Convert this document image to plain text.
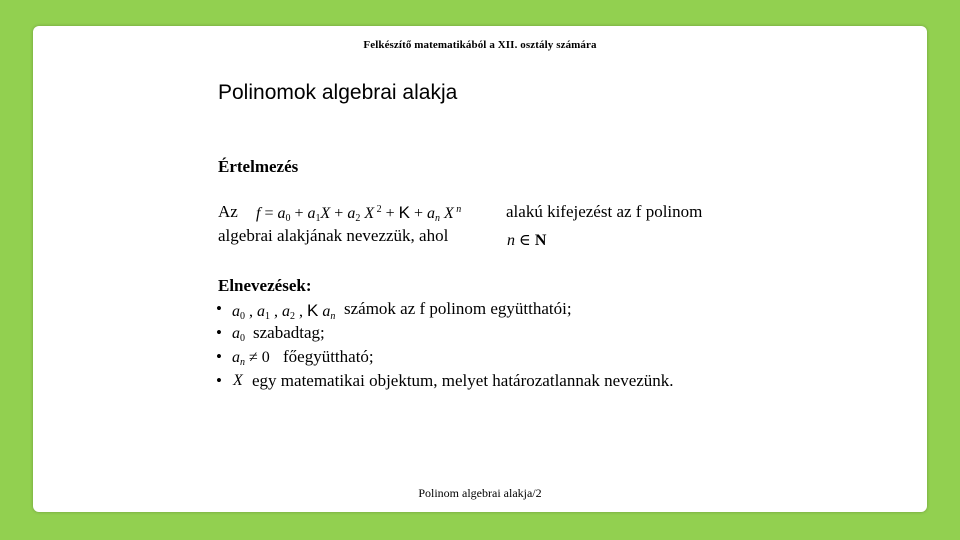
Felkészítő matematikából a XII. osztály számára
Polinomok algebrai alakja
Értelmezés
Az $f = a_0 + a_1X + a_2$ X $^2 + K + a_n$ X $^n$	alakú kifejezést az f polinom
algebrai alakjának nevezzük, ahol	n ∈ N
Elnevezések:
• $a_0$ , $a_1$ , $a_2$ , K $a_n$ számok az f polinom együtthatói;
• $a_0$ szabadtag;
• $a_n \ne 0$ főegyüttható;
• X egy matematikai objektum, melyet határozatlannak nevezünk.
Polinom algebrai alakja/2
